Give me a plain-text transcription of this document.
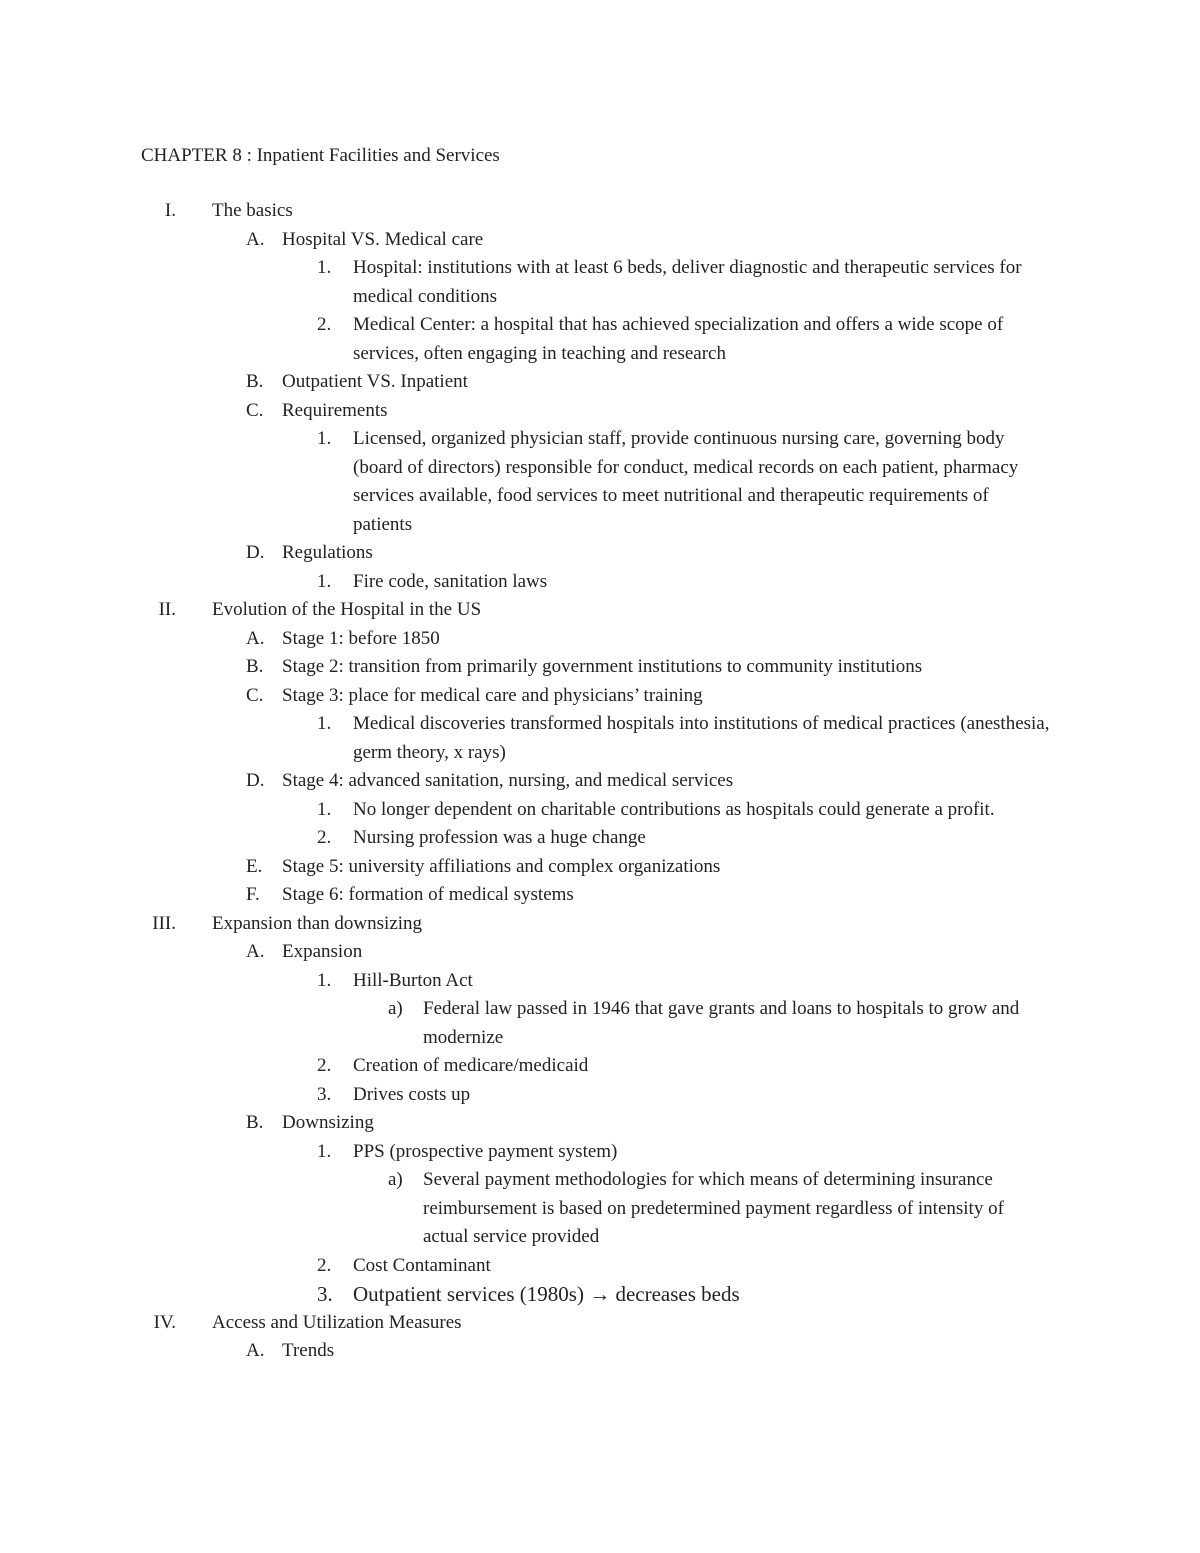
CHAPTER 8 : Inpatient Facilities and Services
I. The basics
A. Hospital VS. Medical care
1. Hospital: institutions with at least 6 beds, deliver diagnostic and therapeutic services for medical conditions
2. Medical Center: a hospital that has achieved specialization and offers a wide scope of services, often engaging in teaching and research
B. Outpatient VS. Inpatient
C. Requirements
1. Licensed, organized physician staff, provide continuous nursing care, governing body (board of directors) responsible for conduct, medical records on each patient, pharmacy services available, food services to meet nutritional and therapeutic requirements of patients
D. Regulations
1. Fire code, sanitation laws
II. Evolution of the Hospital in the US
A. Stage 1: before 1850
B. Stage 2: transition from primarily government institutions to community institutions
C. Stage 3: place for medical care and physicians’ training
1. Medical discoveries transformed hospitals into institutions of medical practices (anesthesia, germ theory, x rays)
D. Stage 4: advanced sanitation, nursing, and medical services
1. No longer dependent on charitable contributions as hospitals could generate a profit.
2. Nursing profession was a huge change
E. Stage 5: university affiliations and complex organizations
F. Stage 6: formation of medical systems
III. Expansion than downsizing
A. Expansion
1. Hill-Burton Act
a) Federal law passed in 1946 that gave grants and loans to hospitals to grow and modernize
2. Creation of medicare/medicaid
3. Drives costs up
B. Downsizing
1. PPS (prospective payment system)
a) Several payment methodologies for which means of determining insurance reimbursement is based on predetermined payment regardless of intensity of actual service provided
2. Cost Contaminant
3. Outpatient services (1980s) → decreases beds
IV. Access and Utilization Measures
A. Trends
